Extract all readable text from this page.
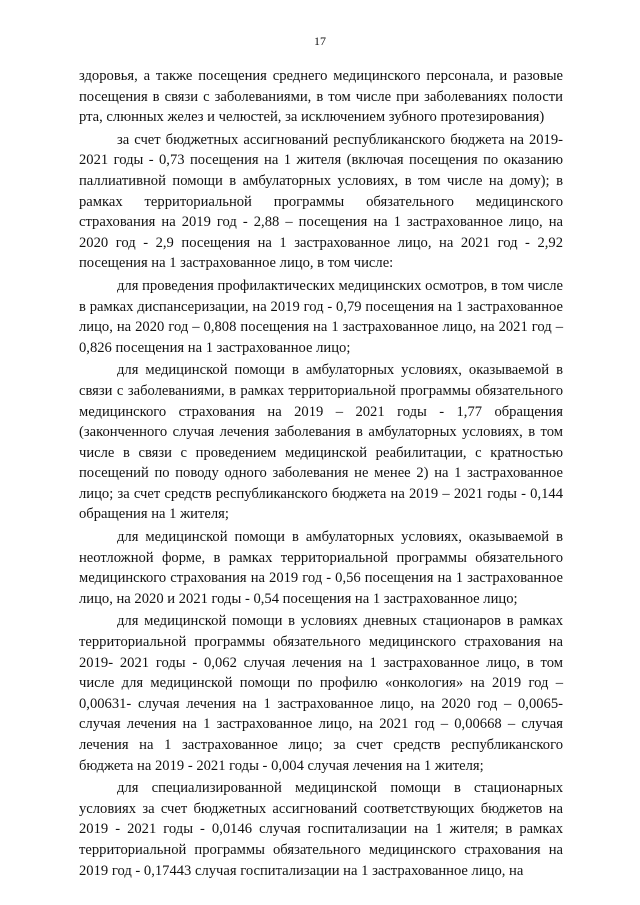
17

здоровья, а также посещения среднего медицинского персонала, и разовые посещения в связи с заболеваниями, в том числе при заболеваниях полости рта, слюнных желез и челюстей, за исключением зубного протезирования)

за счет бюджетных ассигнований республиканского бюджета на 2019-2021 годы - 0,73 посещения на 1 жителя (включая посещения по оказанию паллиативной помощи в амбулаторных условиях, в том числе на дому); в рамках территориальной программы обязательного медицинского страхования на 2019 год - 2,88 – посещения на 1 застрахованное лицо, на 2020 год - 2,9 посещения на 1 застрахованное лицо, на 2021 год - 2,92 посещения на 1 застрахованное лицо, в том числе:

для проведения профилактических медицинских осмотров, в том числе в рамках диспансеризации, на 2019 год - 0,79 посещения на 1 застрахованное лицо, на 2020 год – 0,808 посещения на 1 застрахованное лицо, на 2021 год – 0,826 посещения на 1 застрахованное лицо;

для медицинской помощи в амбулаторных условиях, оказываемой в связи с заболеваниями, в рамках территориальной программы обязательного медицинского страхования на 2019 – 2021 годы - 1,77 обращения (законченного случая лечения заболевания в амбулаторных условиях, в том числе в связи с проведением медицинской реабилитации, с кратностью посещений по поводу одного заболевания не менее 2) на 1 застрахованное лицо; за счет средств республиканского бюджета на 2019 – 2021 годы - 0,144 обращения на 1 жителя;

для медицинской помощи в амбулаторных условиях, оказываемой в неотложной форме, в рамках территориальной программы обязательного медицинского страхования на 2019 год - 0,56 посещения на 1 застрахованное лицо, на 2020 и 2021 годы - 0,54 посещения на 1 застрахованное лицо;

для медицинской помощи в условиях дневных стационаров в рамках территориальной программы обязательного медицинского страхования на 2019- 2021 годы - 0,062 случая лечения на 1 застрахованное лицо, в том числе для медицинской помощи по профилю «онкология» на 2019 год – 0,00631- случая лечения на 1 застрахованное лицо, на 2020 год – 0,0065- случая лечения на 1 застрахованное лицо, на 2021 год – 0,00668 – случая лечения на 1 застрахованное лицо; за счет средств республиканского бюджета на 2019 - 2021 годы - 0,004 случая лечения на 1 жителя;

для специализированной медицинской помощи в стационарных условиях за счет бюджетных ассигнований соответствующих бюджетов на 2019 - 2021 годы - 0,0146 случая госпитализации на 1 жителя; в рамках территориальной программы обязательного медицинского страхования на 2019 год - 0,17443 случая госпитализации на 1 застрахованное лицо, на
